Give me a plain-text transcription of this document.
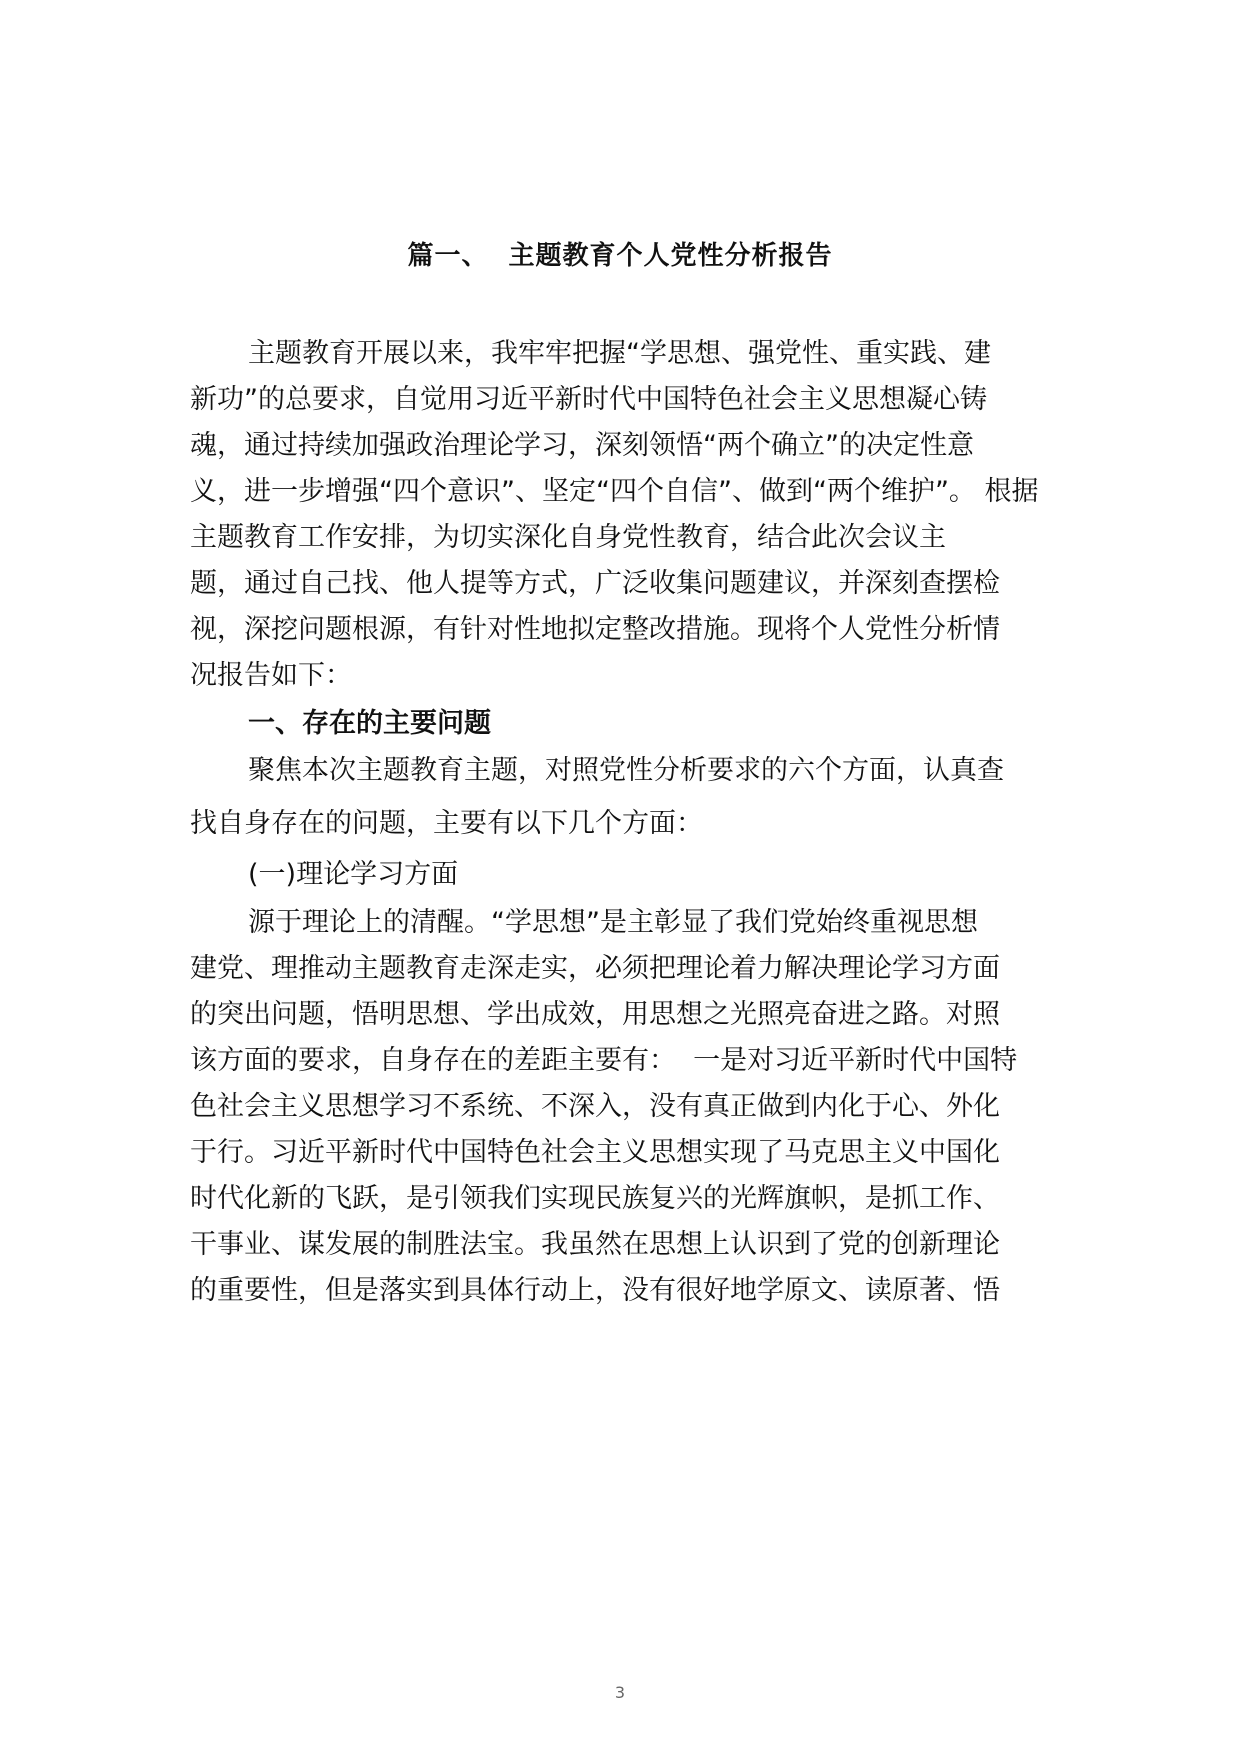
篇一、  主题教育个人党性分析报告
主题教育开展以来，我牢牢把握“学思想、强党性、重实践、建
新功”的总要求，自觉用习近平新时代中国特色社会主义思想凝心铸
魂，通过持续加强政治理论学习，深刻领悟“两个确立”的决定性意
义，进一步增强“四个意识”、坚定“四个自信”、做到“两个维护”。 根据
主题教育工作安排，为切实深化自身党性教育，结合此次会议主
题，通过自己找、他人提等方式，广泛收集问题建议，并深刻查摆检
视，深挖问题根源，有针对性地拟定整改措施。现将个人党性分析情
况报告如下：
一、存在的主要问题
聚焦本次主题教育主题，对照党性分析要求的六个方面，认真查
找自身存在的问题，主要有以下几个方面：
(一)理论学习方面
源于理论上的清醒。“学思想”是主彰显了我们党始终重视思想
建党、理推动主题教育走深走实，必须把理论着力解决理论学习方面
的突出问题，悟明思想、学出成效，用思想之光照亮奋进之路。对照
该方面的要求，自身存在的差距主要有：  一是对习近平新时代中国特
色社会主义思想学习不系统、不深入，没有真正做到内化于心、外化
于行。习近平新时代中国特色社会主义思想实现了马克思主义中国化
时代化新的飞跃，是引领我们实现民族复兴的光辉旗帜，是抓工作、
干事业、谋发展的制胜法宝。我虽然在思想上认识到了党的创新理论
的重要性，但是落实到具体行动上，没有很好地学原文、读原著、悟
3
